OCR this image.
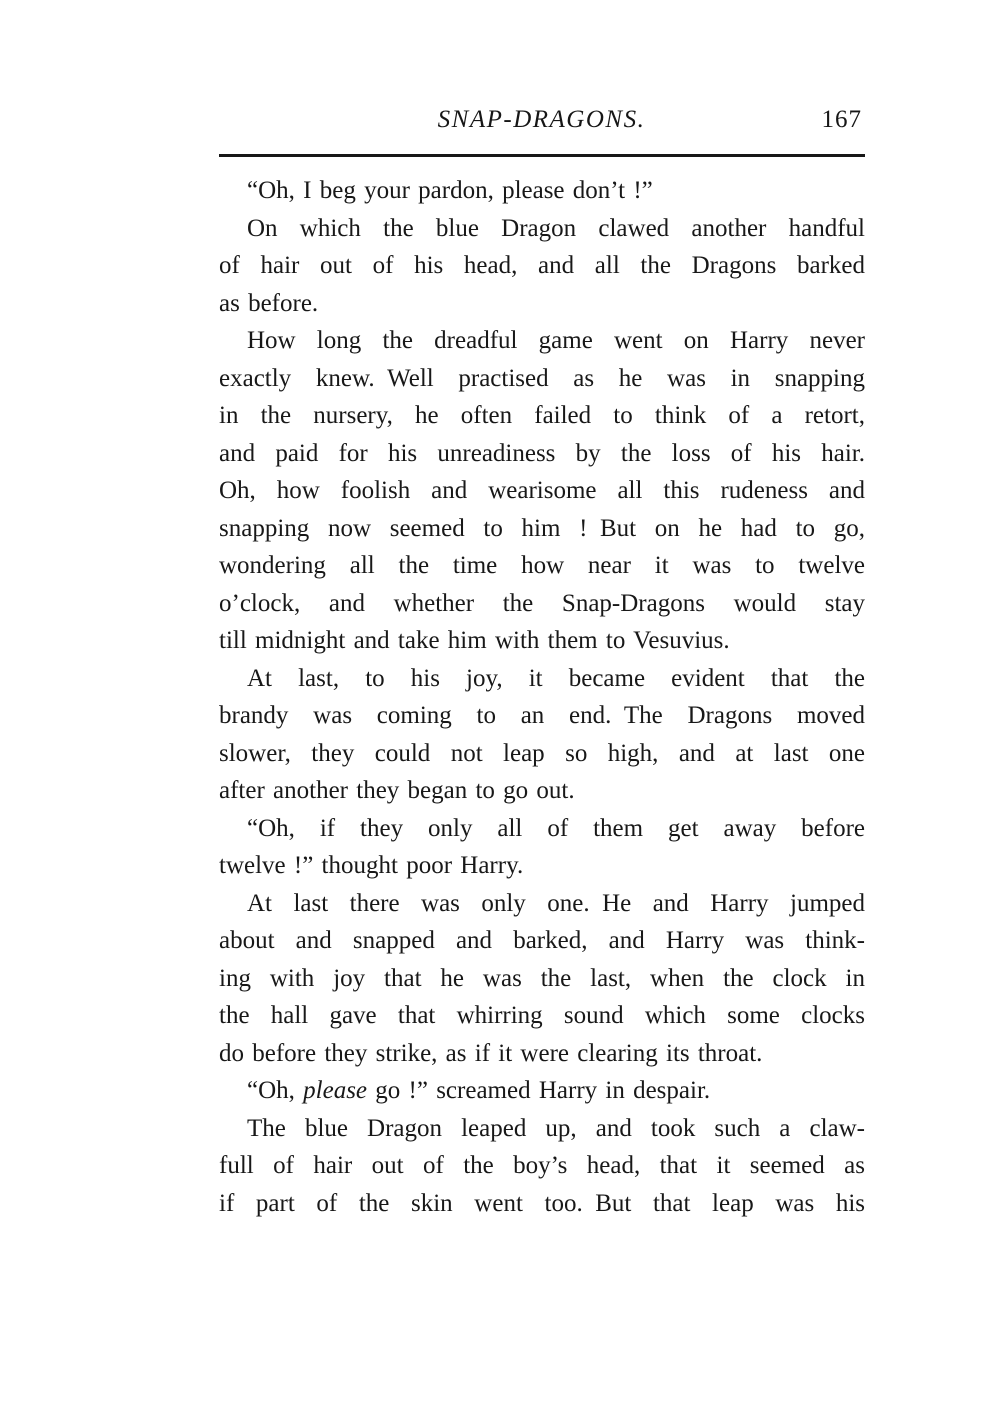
SNAP-DRAGONS.	167

“Oh, I beg your pardon, please don’t !”

On which the blue Dragon clawed another handful
of hair out of his head, and all the Dragons barked
as before.

How long the dreadful game went on Harry never
exactly knew. Well practised as he was in snapping
in the nursery, he often failed to think of a retort,
and paid for his unreadiness by the loss of his hair.
Oh, how foolish and wearisome all this rudeness and
snapping now seemed to him ! But on he had to go,
wondering all the time how near it was to twelve
o’clock, and whether the Snap-Dragons would stay
till midnight and take him with them to Vesuvius.

At last, to his joy, it became evident that the
brandy was coming to an end. The Dragons moved
slower, they could not leap so high, and at last one
after another they began to go out.

“Oh, if they only all of them get away before
twelve !” thought poor Harry.

At last there was only one. He and Harry jumped
about and snapped and barked, and Harry was think-
ing with joy that he was the last, when the clock in
the hall gave that whirring sound which some clocks
do before they strike, as if it were clearing its throat.

“Oh, please go !” screamed Harry in despair.

The blue Dragon leaped up, and took such a claw-
full of hair out of the boy’s head, that it seemed as
if part of the skin went too. But that leap was his
